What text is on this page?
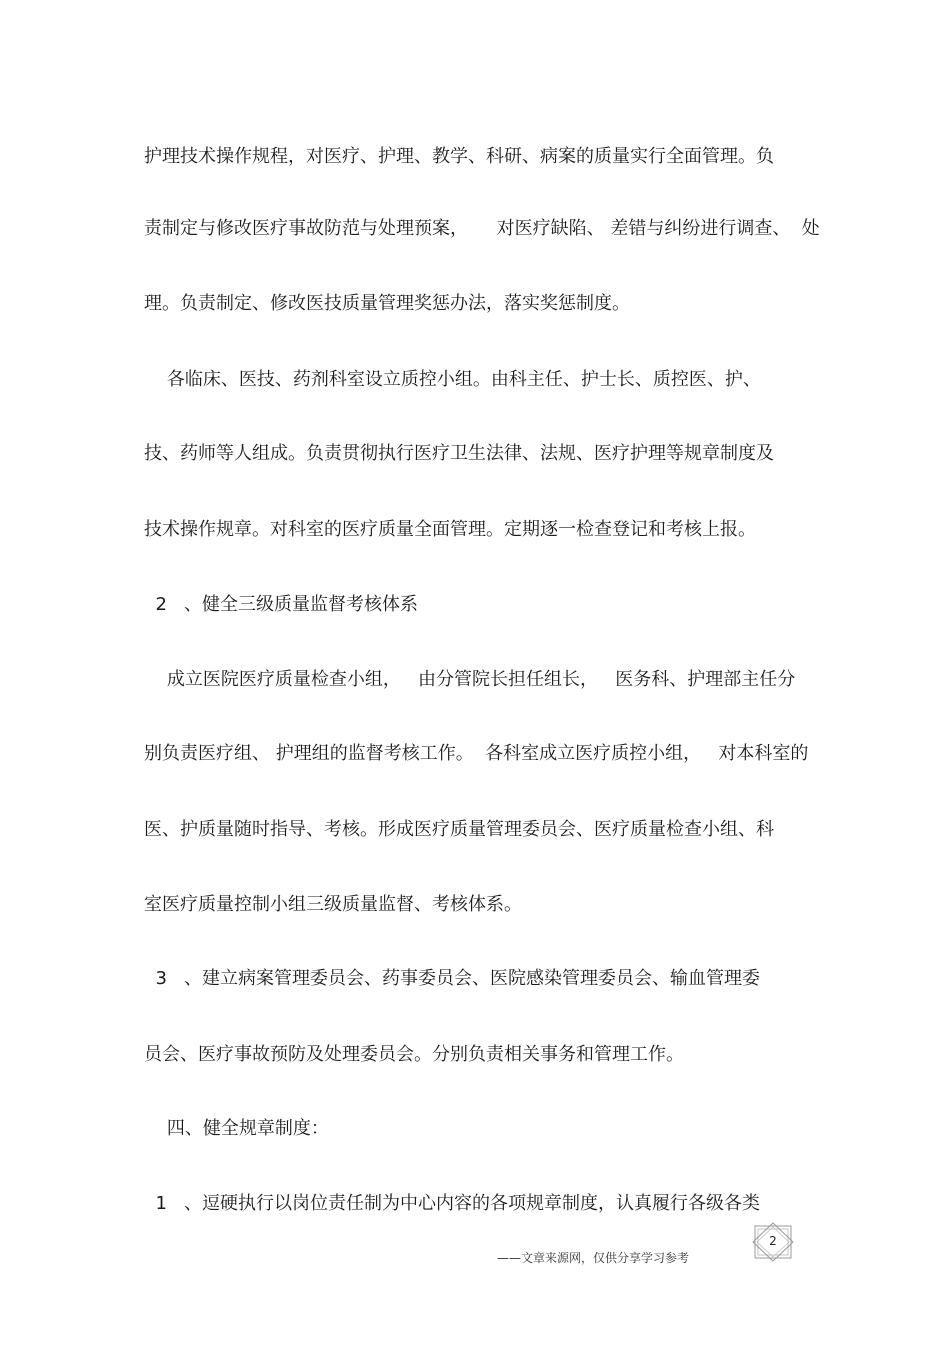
护理技术操作规程，对医疗、护理、教学、科研、病案的质量实行全面管理。负
责制定与修改医疗事故防范与处理预案，     对医疗缺陷、 差错与纠纷进行调查、  处
理。负责制定、修改医技质量管理奖惩办法，落实奖惩制度。
各临床、医技、药剂科室设立质控小组。由科主任、护士长、质控医、护、
技、药师等人组成。负责贯彻执行医疗卫生法律、法规、医疗护理等规章制度及
技术操作规章。对科室的医疗质量全面管理。定期逐一检查登记和考核上报。
2   、健全三级质量监督考核体系
成立医院医疗质量检查小组，   由分管院长担任组长，   医务科、护理部主任分
别负责医疗组、 护理组的监督考核工作。  各科室成立医疗质控小组，   对本科室的
医、护质量随时指导、考核。形成医疗质量管理委员会、医疗质量检查小组、科
室医疗质量控制小组三级质量监督、考核体系。
3   、建立病案管理委员会、药事委员会、医院感染管理委员会、输血管理委
员会、医疗事故预防及处理委员会。分别负责相关事务和管理工作。
四、健全规章制度：
1   、逗硬执行以岗位责任制为中心内容的各项规章制度，认真履行各级各类
2
——文章来源网，仅供分享学习参考
